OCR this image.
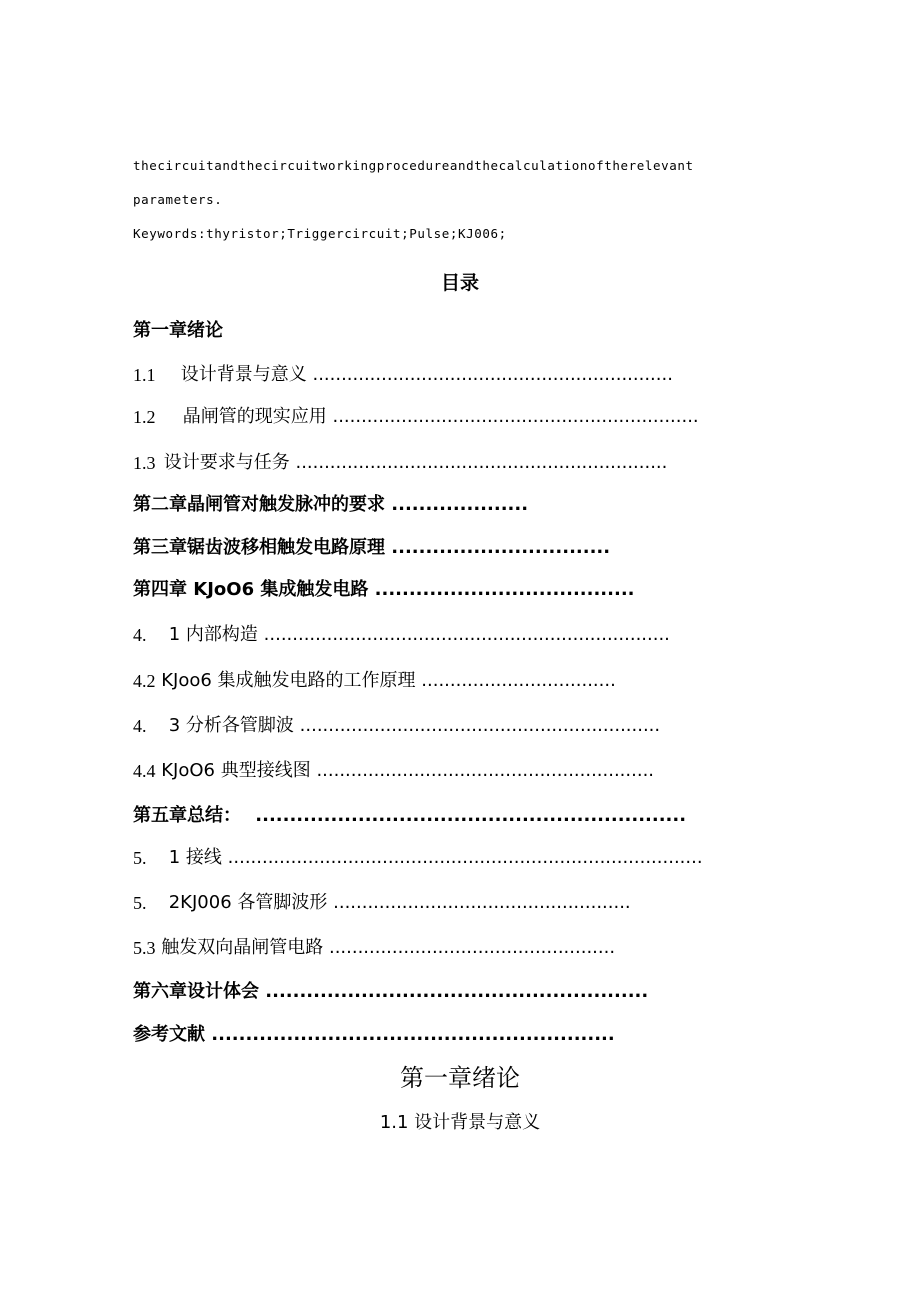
thecircuitandthecircuitworkingprocedureandthecalculationoftherelevant
parameters.
Keywords:thyristor;Triggercircuit;Pulse;KJ006;
目录
第一章绪论
1.1 设计背景与意义 ...............................................................
1.2 晶闸管的现实应用 ................................................................
1.3 设计要求与任务 .................................................................
第二章晶闸管对触发脉冲的要求 ....................
第三章锯齿波移相触发电路原理 ................................
第四章 KJoO6 集成触发电路 ......................................
4. 1 内部构造 .......................................................................
4.2 KJoo6 集成触发电路的工作原理 ..................................
4. 3 分析各管脚波 ...............................................................
4.4 KJoO6 典型接线图 ...........................................................
第五章总结： ...............................................................
5. 1 接线 ...................................................................................
5. 2KJ006 各管脚波形 ....................................................
5.3 触发双向晶闸管电路 ..................................................
第六章设计体会 ........................................................
参考文献 ...........................................................
第一章绪论
1.1 设计背景与意义
